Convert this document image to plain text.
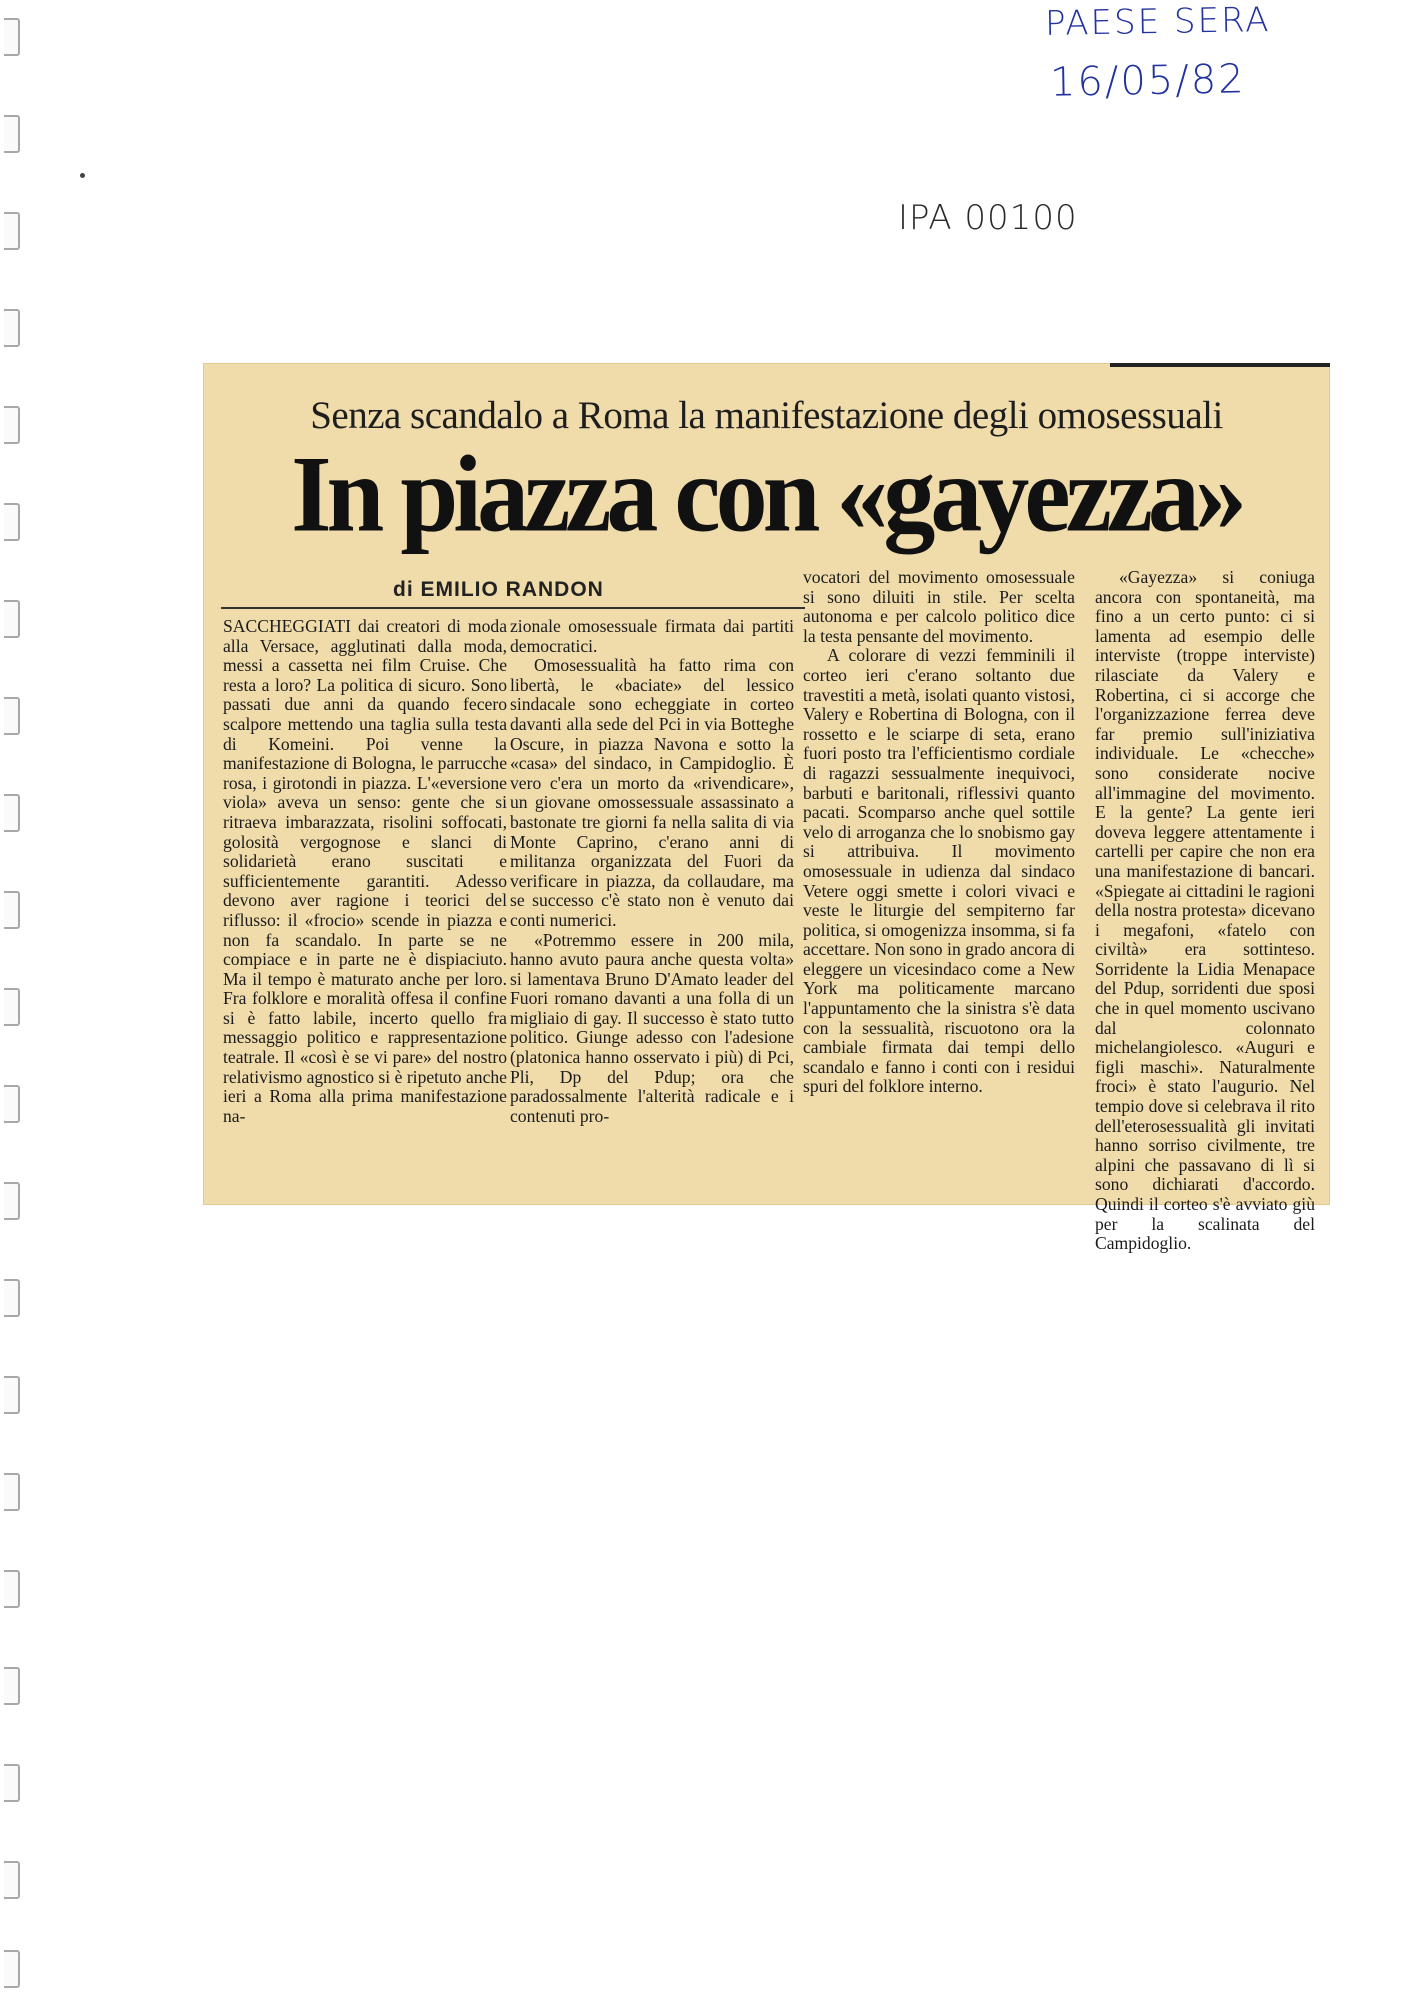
PAESE SERA
16/05/82
IPA 00100
Senza scandalo a Roma la manifestazione degli omosessuali
In piazza con «gayezza»
di EMILIO RANDON

SACCHEGGIATI dai creatori di moda alla Versace, agglutinati dalla moda, messi a cassetta nei film Cruise. Che resta a loro? La politica di sicuro. Sono passati due anni da quando fecero scalpore mettendo una taglia sulla testa di Komeini. Poi venne la manifestazione di Bologna, le parrucche rosa, i girotondi in piazza. L'«eversione viola» aveva un senso: gente che si ritraeva imbarazzata, risolini soffocati, golosità vergognose e slanci di solidarietà erano suscitati e sufficientemente garantiti. Adesso devono aver ragione i teorici del riflusso: il «frocio» scende in piazza e non fa scandalo. In parte se ne compiace e in parte ne è dispiaciuto. Ma il tempo è maturato anche per loro. Fra folklore e moralità offesa il confine si è fatto labile, incerto quello fra messaggio politico e rappresentazione teatrale. Il «così è se vi pare» del nostro relativismo agnostico si è ripetuto anche ieri a Roma alla prima manifestazione na-

zionale omosessuale firmata dai partiti democratici.

Omosessualità ha fatto rima con libertà, le «baciate» del lessico sindacale sono echeggiate in corteo davanti alla sede del Pci in via Botteghe Oscure, in piazza Navona e sotto la «casa» del sindaco, in Campidoglio. È vero c'era un morto da «rivendicare», un giovane omossessuale assassinato a bastonate tre giorni fa nella salita di via Monte Caprino, c'erano anni di militanza organizzata del Fuori da verificare in piazza, da collaudare, ma se successo c'è stato non è venuto dai conti numerici.

«Potremmo essere in 200 mila, hanno avuto paura anche questa volta» si lamentava Bruno D'Amato leader del Fuori romano davanti a una folla di un migliaio di gay. Il successo è stato tutto politico. Giunge adesso con l'adesione (platonica hanno osservato i più) di Pci, Pli, Dp del Pdup; ora che paradossalmente l'alterità radicale e i contenuti pro-

vocatori del movimento omosessuale si sono diluiti in stile. Per scelta autonoma e per calcolo politico dice la testa pensante del movimento.

A colorare di vezzi femminili il corteo ieri c'erano soltanto due travestiti a metà, isolati quanto vistosi, Valery e Robertina di Bologna, con il rossetto e le sciarpe di seta, erano fuori posto tra l'efficientismo cordiale di ragazzi sessualmente inequivoci, barbuti e baritonali, riflessivi quanto pacati. Scomparso anche quel sottile velo di arroganza che lo snobismo gay si attribuiva. Il movimento omosessuale in udienza dal sindaco Vetere oggi smette i colori vivaci e veste le liturgie del sempiterno far politica, si omogenizza insomma, si fa accettare. Non sono in grado ancora di eleggere un vicesindaco come a New York ma politicamente marcano l'appuntamento che la sinistra s'è data con la sessualità, riscuotono ora la cambiale firmata dai tempi dello scandalo e fanno i conti con i residui spuri del folklore interno.

«Gayezza» si coniuga ancora con spontaneità, ma fino a un certo punto: ci si lamenta ad esempio delle interviste (troppe interviste) rilasciate da Valery e Robertina, ci si accorge che l'organizzazione ferrea deve far premio sull'iniziativa individuale. Le «checche» sono considerate nocive all'immagine del movimento. E la gente? La gente ieri doveva leggere attentamente i cartelli per capire che non era una manifestazione di bancari. «Spiegate ai cittadini le ragioni della nostra protesta» dicevano i megafoni, «fatelo con civiltà» era sottinteso. Sorridente la Lidia Menapace del Pdup, sorridenti due sposi che in quel momento uscivano dal colonnato michelangiolesco. «Auguri e figli maschi». Naturalmente froci» è stato l'augurio. Nel tempio dove si celebrava il rito dell'eterosessualità gli invitati hanno sorriso civilmente, tre alpini che passavano di lì si sono dichiarati d'accordo. Quindi il corteo s'è avviato giù per la scalinata del Campidoglio.
